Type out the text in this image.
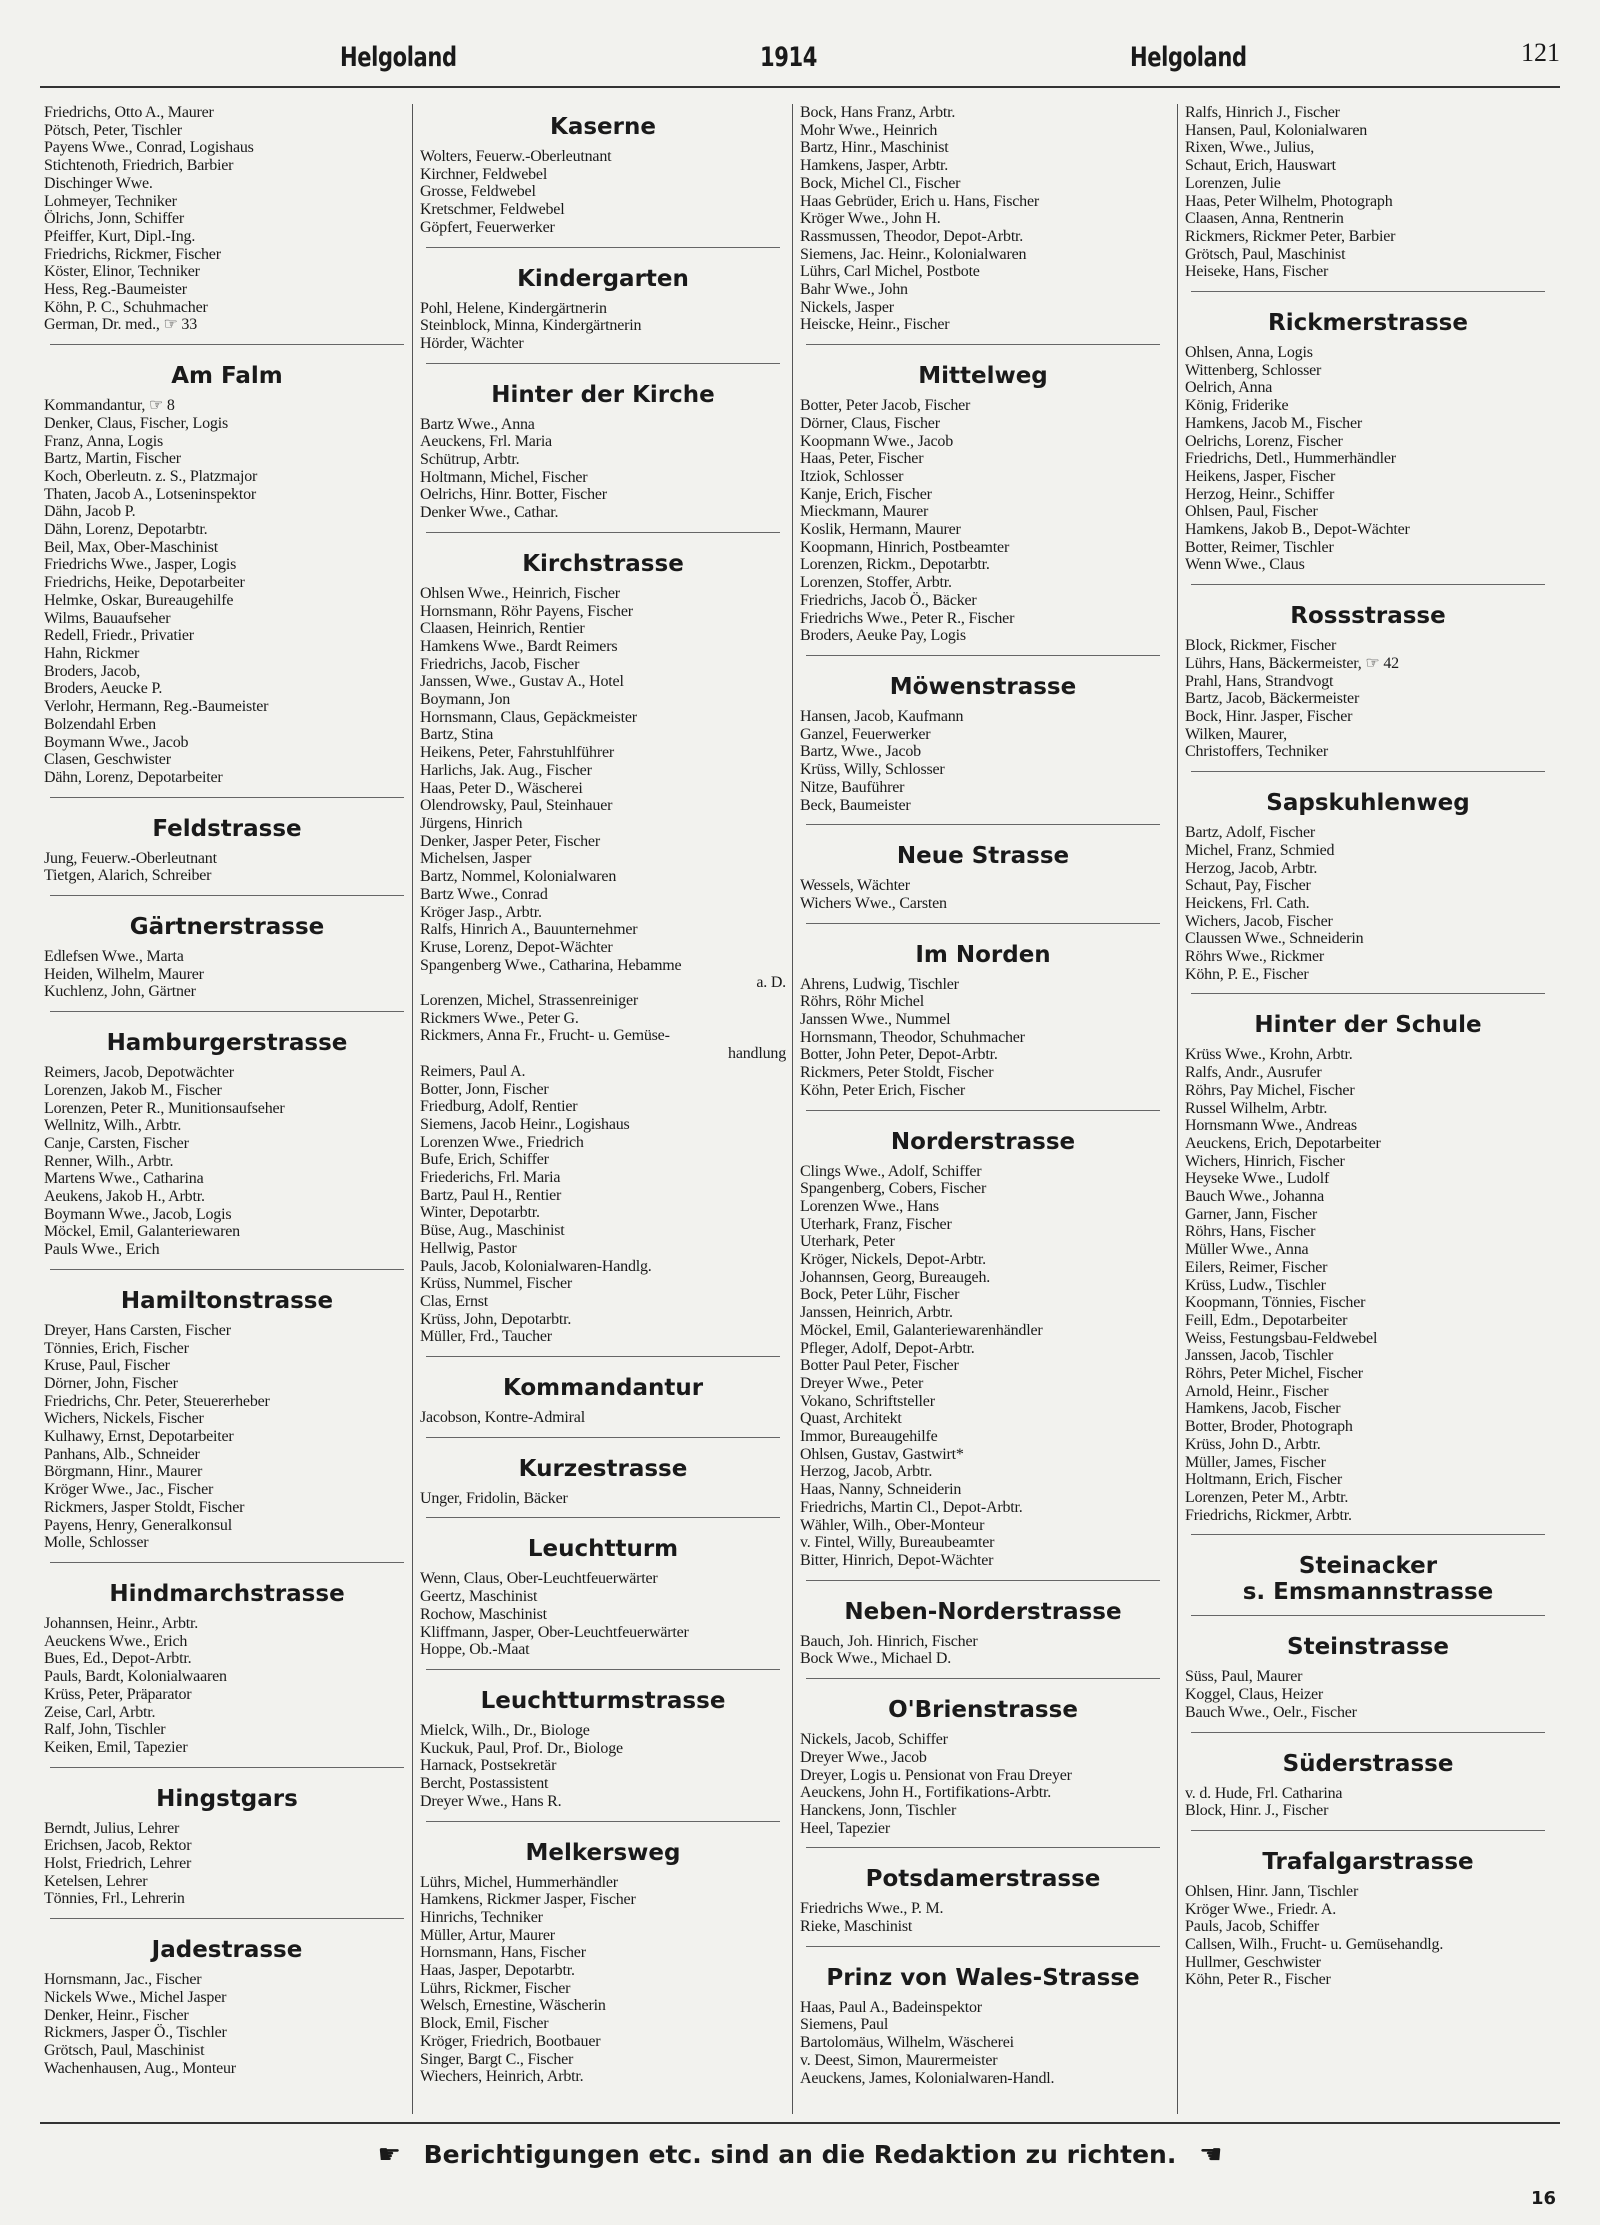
Helgoland	1914	Helgoland	121
Friedrichs, Otto A., Maurer
Pötsch, Peter, Tischler
Payens Wwe., Conrad, Logishaus
Stichtenoth, Friedrich, Barbier
Dischinger Wwe.
Lohmeyer, Techniker
Ölrichs, Jonn, Schiffer
Pfeiffer, Kurt, Dipl.-Ing.
Friedrichs, Rickmer, Fischer
Köster, Elinor, Techniker
Hess, Reg.-Baumeister
Köhn, P. C., Schuhmacher
German, Dr. med., ☞ 33
Am Falm
Kommandantur, ☞ 8
Denker, Claus, Fischer, Logis
Franz, Anna, Logis
Bartz, Martin, Fischer
Koch, Oberleutn. z. S., Platzmajor
Thaten, Jacob A., Lotseninspektor
Dähn, Jacob P.
Dähn, Lorenz, Depotarbtr.
Beil, Max, Ober-Maschinist
Friedrichs Wwe., Jasper, Logis
Friedrichs, Heike, Depotarbeiter
Helmke, Oskar, Bureaugehilfe
Wilms, Bauaufseher
Redell, Friedr., Privatier
Hahn, Rickmer
Broders, Jacob,
Broders, Aeucke P.
Verlohr, Hermann, Reg.-Baumeister
Bolzendahl Erben
Boymann Wwe., Jacob
Clasen, Geschwister
Dähn, Lorenz, Depotarbeiter
Feldstrasse
Jung, Feuerw.-Oberleutnant
Tietgen, Alarich, Schreiber
Gärtnerstrasse
Edlefsen Wwe., Marta
Heiden, Wilhelm, Maurer
Kuchlenz, John, Gärtner
Hamburgerstrasse
Reimers, Jacob, Depotwächter
Lorenzen, Jakob M., Fischer
Lorenzen, Peter R., Munitionsaufseher
Wellnitz, Wilh., Arbtr.
Canje, Carsten, Fischer
Renner, Wilh., Arbtr.
Martens Wwe., Catharina
Aeukens, Jakob H., Arbtr.
Boymann Wwe., Jacob, Logis
Möckel, Emil, Galanteriewaren
Pauls Wwe., Erich
Hamiltonstrasse
Dreyer, Hans Carsten, Fischer
Tönnies, Erich, Fischer
Kruse, Paul, Fischer
Dörner, John, Fischer
Friedrichs, Chr. Peter, Steuererheber
Wichers, Nickels, Fischer
Kulhawy, Ernst, Depotarbeiter
Panhans, Alb., Schneider
Börgmann, Hinr., Maurer
Kröger Wwe., Jac., Fischer
Rickmers, Jasper Stoldt, Fischer
Payens, Henry, Generalkonsul
Molle, Schlosser
Hindmarchstrasse
Johannsen, Heinr., Arbtr.
Aeuckens Wwe., Erich
Bues, Ed., Depot-Arbtr.
Pauls, Bardt, Kolonialwaaren
Krüss, Peter, Präparator
Zeise, Carl, Arbtr.
Ralf, John, Tischler
Keiken, Emil, Tapezier
Hingstgars
Berndt, Julius, Lehrer
Erichsen, Jacob, Rektor
Holst, Friedrich, Lehrer
Ketelsen, Lehrer
Tönnies, Frl., Lehrerin
Jadestrasse
Hornsmann, Jac., Fischer
Nickels Wwe., Michel Jasper
Denker, Heinr., Fischer
Rickmers, Jasper Ö., Tischler
Grötsch, Paul, Maschinist
Wachenhausen, Aug., Monteur
Kaserne
Wolters, Feuerw.-Oberleutnant
Kirchner, Feldwebel
Grosse, Feldwebel
Kretschmer, Feldwebel
Göpfert, Feuerwerker
Kindergarten
Pohl, Helene, Kindergärtnerin
Steinblock, Minna, Kindergärtnerin
Hörder, Wächter
Hinter der Kirche
Bartz Wwe., Anna
Aeuckens, Frl. Maria
Schütrup, Arbtr.
Holtmann, Michel, Fischer
Oelrichs, Hinr. Botter, Fischer
Denker Wwe., Cathar.
Kirchstrasse
Ohlsen Wwe., Heinrich, Fischer
Hornsmann, Röhr Payens, Fischer
Claasen, Heinrich, Rentier
Hamkens Wwe., Bardt Reimers
Friedrichs, Jacob, Fischer
Janssen, Wwe., Gustav A., Hotel
Boymann, Jon
Hornsmann, Claus, Gepäckmeister
Bartz, Stina
Heikens, Peter, Fahrstuhlführer
Harlichs, Jak. Aug., Fischer
Haas, Peter D., Wäscherei
Olendrowsky, Paul, Steinhauer
Jürgens, Hinrich
Denker, Jasper Peter, Fischer
Michelsen, Jasper
Bartz, Nommel, Kolonialwaren
Bartz Wwe., Conrad
Kröger Jasp., Arbtr.
Ralfs, Hinrich A., Bauunternehmer
Kruse, Lorenz, Depot-Wächter
Spangenberg Wwe., Catharina, Hebamme
a. D.
Lorenzen, Michel, Strassenreiniger
Rickmers Wwe., Peter G.
Rickmers, Anna Fr., Frucht- u. Gemüse-
handlung
Reimers, Paul A.
Botter, Jonn, Fischer
Friedburg, Adolf, Rentier
Siemens, Jacob Heinr., Logishaus
Lorenzen Wwe., Friedrich
Bufe, Erich, Schiffer
Friederichs, Frl. Maria
Bartz, Paul H., Rentier
Winter, Depotarbtr.
Büse, Aug., Maschinist
Hellwig, Pastor
Pauls, Jacob, Kolonialwaren-Handlg.
Krüss, Nummel, Fischer
Clas, Ernst
Krüss, John, Depotarbtr.
Müller, Frd., Taucher
Kommandantur
Jacobson, Kontre-Admiral
Kurzestrasse
Unger, Fridolin, Bäcker
Leuchtturm
Wenn, Claus, Ober-Leuchtfeuerwärter
Geertz, Maschinist
Rochow, Maschinist
Kliffmann, Jasper, Ober-Leuchtfeuerwärter
Hoppe, Ob.-Maat
Leuchtturmstrasse
Mielck, Wilh., Dr., Biologe
Kuckuk, Paul, Prof. Dr., Biologe
Harnack, Postsekretär
Bercht, Postassistent
Dreyer Wwe., Hans R.
Melkersweg
Lührs, Michel, Hummerhändler
Hamkens, Rickmer Jasper, Fischer
Hinrichs, Techniker
Müller, Artur, Maurer
Hornsmann, Hans, Fischer
Haas, Jasper, Depotarbtr.
Lührs, Rickmer, Fischer
Welsch, Ernestine, Wäscherin
Block, Emil, Fischer
Kröger, Friedrich, Bootbauer
Singer, Bargt C., Fischer
Wiechers, Heinrich, Arbtr.
Bock, Hans Franz, Arbtr.
Mohr Wwe., Heinrich
Bartz, Hinr., Maschinist
Hamkens, Jasper, Arbtr.
Bock, Michel Cl., Fischer
Haas Gebrüder, Erich u. Hans, Fischer
Kröger Wwe., John H.
Rassmussen, Theodor, Depot-Arbtr.
Siemens, Jac. Heinr., Kolonialwaren
Lührs, Carl Michel, Postbote
Bahr Wwe., John
Nickels, Jasper
Heiscke, Heinr., Fischer
Mittelweg
Botter, Peter Jacob, Fischer
Dörner, Claus, Fischer
Koopmann Wwe., Jacob
Haas, Peter, Fischer
Itziok, Schlosser
Kanje, Erich, Fischer
Mieckmann, Maurer
Koslik, Hermann, Maurer
Koopmann, Hinrich, Postbeamter
Lorenzen, Rickm., Depotarbtr.
Lorenzen, Stoffer, Arbtr.
Friedrichs, Jacob Ö., Bäcker
Friedrichs Wwe., Peter R., Fischer
Broders, Aeuke Pay, Logis
Möwenstrasse
Hansen, Jacob, Kaufmann
Ganzel, Feuerwerker
Bartz, Wwe., Jacob
Krüss, Willy, Schlosser
Nitze, Bauführer
Beck, Baumeister
Neue Strasse
Wessels, Wächter
Wichers Wwe., Carsten
Im Norden
Ahrens, Ludwig, Tischler
Röhrs, Röhr Michel
Janssen Wwe., Nummel
Hornsmann, Theodor, Schuhmacher
Botter, John Peter, Depot-Arbtr.
Rickmers, Peter Stoldt, Fischer
Köhn, Peter Erich, Fischer
Norderstrasse
Clings Wwe., Adolf, Schiffer
Spangenberg, Cobers, Fischer
Lorenzen Wwe., Hans
Uterhark, Franz, Fischer
Uterhark, Peter
Kröger, Nickels, Depot-Arbtr.
Johannsen, Georg, Bureaugeh.
Bock, Peter Lühr, Fischer
Janssen, Heinrich, Arbtr.
Möckel, Emil, Galanteriewarenhändler
Pfleger, Adolf, Depot-Arbtr.
Botter Paul Peter, Fischer
Dreyer Wwe., Peter
Vokano, Schriftsteller
Quast, Architekt
Immor, Bureaugehilfe
Ohlsen, Gustav, Gastwirt*
Herzog, Jacob, Arbtr.
Haas, Nanny, Schneiderin
Friedrichs, Martin Cl., Depot-Arbtr.
Wähler, Wilh., Ober-Monteur
v. Fintel, Willy, Bureaubeamter
Bitter, Hinrich, Depot-Wächter
Neben-Norderstrasse
Bauch, Joh. Hinrich, Fischer
Bock Wwe., Michael D.
O'Brienstrasse
Nickels, Jacob, Schiffer
Dreyer Wwe., Jacob
Dreyer, Logis u. Pensionat von Frau Dreyer
Aeuckens, John H., Fortifikations-Arbtr.
Hanckens, Jonn, Tischler
Heel, Tapezier
Potsdamerstrasse
Friedrichs Wwe., P. M.
Rieke, Maschinist
Prinz von Wales-Strasse
Haas, Paul A., Badeinspektor
Siemens, Paul
Bartolomäus, Wilhelm, Wäscherei
v. Deest, Simon, Maurermeister
Aeuckens, James, Kolonialwaren-Handl.
Ralfs, Hinrich J., Fischer
Hansen, Paul, Kolonialwaren
Rixen, Wwe., Julius,
Schaut, Erich, Hauswart
Lorenzen, Julie
Haas, Peter Wilhelm, Photograph
Claasen, Anna, Rentnerin
Rickmers, Rickmer Peter, Barbier
Grötsch, Paul, Maschinist
Heiseke, Hans, Fischer
Rickmerstrasse
Ohlsen, Anna, Logis
Wittenberg, Schlosser
Oelrich, Anna
König, Friderike
Hamkens, Jacob M., Fischer
Oelrichs, Lorenz, Fischer
Friedrichs, Detl., Hummerhändler
Heikens, Jasper, Fischer
Herzog, Heinr., Schiffer
Ohlsen, Paul, Fischer
Hamkens, Jakob B., Depot-Wächter
Botter, Reimer, Tischler
Wenn Wwe., Claus
Rossstrasse
Block, Rickmer, Fischer
Lührs, Hans, Bäckermeister, ☞ 42
Prahl, Hans, Strandvogt
Bartz, Jacob, Bäckermeister
Bock, Hinr. Jasper, Fischer
Wilken, Maurer,
Christoffers, Techniker
Sapskuhlenweg
Bartz, Adolf, Fischer
Michel, Franz, Schmied
Herzog, Jacob, Arbtr.
Schaut, Pay, Fischer
Heickens, Frl. Cath.
Wichers, Jacob, Fischer
Claussen Wwe., Schneiderin
Röhrs Wwe., Rickmer
Köhn, P. E., Fischer
Hinter der Schule
Krüss Wwe., Krohn, Arbtr.
Ralfs, Andr., Ausrufer
Röhrs, Pay Michel, Fischer
Russel Wilhelm, Arbtr.
Hornsmann Wwe., Andreas
Aeuckens, Erich, Depotarbeiter
Wichers, Hinrich, Fischer
Heyseke Wwe., Ludolf
Bauch Wwe., Johanna
Garner, Jann, Fischer
Röhrs, Hans, Fischer
Müller Wwe., Anna
Eilers, Reimer, Fischer
Krüss, Ludw., Tischler
Koopmann, Tönnies, Fischer
Feill, Edm., Depotarbeiter
Weiss, Festungsbau-Feldwebel
Janssen, Jacob, Tischler
Röhrs, Peter Michel, Fischer
Arnold, Heinr., Fischer
Hamkens, Jacob, Fischer
Botter, Broder, Photograph
Krüss, John D., Arbtr.
Müller, James, Fischer
Holtmann, Erich, Fischer
Lorenzen, Peter M., Arbtr.
Friedrichs, Rickmer, Arbtr.
Steinacker
s. Emsmannstrasse
Steinstrasse
Süss, Paul, Maurer
Koggel, Claus, Heizer
Bauch Wwe., Oelr., Fischer
Süderstrasse
v. d. Hude, Frl. Catharina
Block, Hinr. J., Fischer
Trafalgarstrasse
Ohlsen, Hinr. Jann, Tischler
Kröger Wwe., Friedr. A.
Pauls, Jacob, Schiffer
Callsen, Wilh., Frucht- u. Gemüsehandlg.
Hullmer, Geschwister
Köhn, Peter R., Fischer
☛ Berichtigungen etc. sind an die Redaktion zu richten. ☚
16
